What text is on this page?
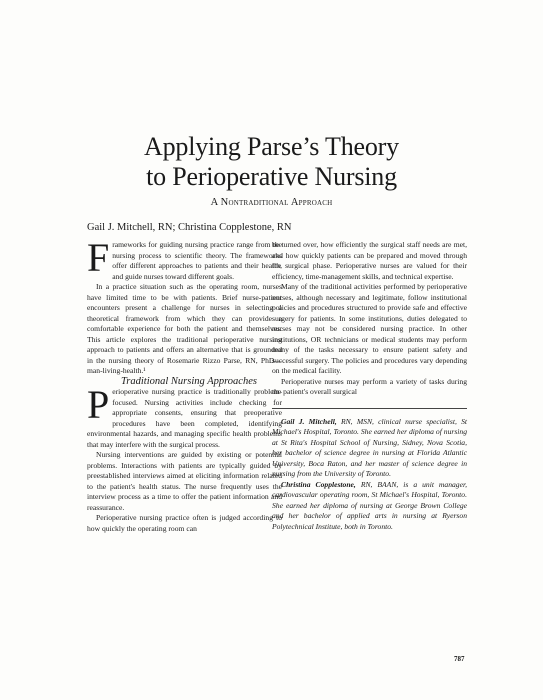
Applying Parse’s Theory
to Perioperative Nursing
A Nontraditional Approach
Gail J. Mitchell, RN; Christina Copplestone, RN

Frameworks for guiding nursing practice range from the nursing process to scientific theory. The frameworks offer different approaches to patients and their health, and guide nurses toward different goals.

In a practice situation such as the operating room, nurses have limited time to be with patients. Brief nurse-patient encounters present a challenge for nurses in selecting a theoretical framework from which they can provide a comfortable experience for both the patient and themselves. This article explores the traditional perioperative nursing approach to patients and offers an alternative that is grounded in the nursing theory of Rosemarie Rizzo Parse, RN, PhD—man-living-health.¹

Traditional Nursing Approaches

Perioperative nursing practice is traditionally problem-focused. Nursing activities include checking for appropriate consents, ensuring that preoperative procedures have been completed, identifying environmental hazards, and managing specific health problems that may interfere with the surgical process.

Nursing interventions are guided by existing or potential problems. Interactions with patients are typically guided by preestablished interviews aimed at eliciting information related to the patient's health status. The nurse frequently uses the interview process as a time to offer the patient information and reassurance.

Perioperative nursing practice often is judged according to how quickly the operating room can

be turned over, how efficiently the surgical staff needs are met, and how quickly patients can be prepared and moved through the surgical phase. Perioperative nurses are valued for their efficiency, time-management skills, and technical expertise.

Many of the traditional activities performed by perioperative nurses, although necessary and legitimate, follow institutional policies and procedures structured to provide safe and effective surgery for patients. In some institutions, duties delegated to nurses may not be considered nursing practice. In other institutions, OR technicians or medical students may perform many of the tasks necessary to ensure patient safety and successful surgery. The policies and procedures vary depending on the medical facility.

Perioperative nurses may perform a variety of tasks during the patient's overall surgical

Gail J. Mitchell, RN, MSN, clinical nurse specialist, St Michael's Hospital, Toronto. She earned her diploma of nursing at St Rita's Hospital School of Nursing, Sidney, Nova Scotia, her bachelor of science degree in nursing at Florida Atlantic University, Boca Raton, and her master of science degree in nursing from the University of Toronto.

Christina Copplestone, RN, BAAN, is a unit manager, cardiovascular operating room, St Michael's Hospital, Toronto. She earned her diploma of nursing at George Brown College and her bachelor of applied arts in nursing at Ryerson Polytechnical Institute, both in Toronto.

787
